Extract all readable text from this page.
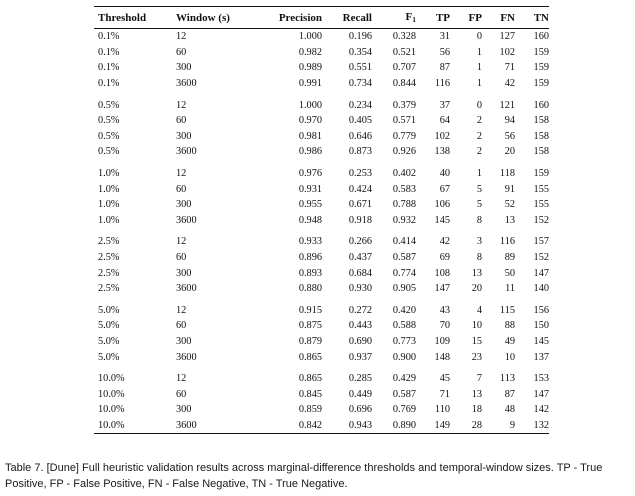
Threshold	Window (s)	Precision	Recall	$F_1$	TP	FP	FN	TN
0.1%	12	1.000	0.196	0.328	31	0	127	160
0.1%	60	0.982	0.354	0.521	56	1	102	159
0.1%	300	0.989	0.551	0.707	87	1	71	159
0.1%	3600	0.991	0.734	0.844	116	1	42	159

0.5%	12	1.000	0.234	0.379	37	0	121	160
0.5%	60	0.970	0.405	0.571	64	2	94	158
0.5%	300	0.981	0.646	0.779	102	2	56	158
0.5%	3600	0.986	0.873	0.926	138	2	20	158

1.0%	12	0.976	0.253	0.402	40	1	118	159
1.0%	60	0.931	0.424	0.583	67	5	91	155
1.0%	300	0.955	0.671	0.788	106	5	52	155
1.0%	3600	0.948	0.918	0.932	145	8	13	152

2.5%	12	0.933	0.266	0.414	42	3	116	157
2.5%	60	0.896	0.437	0.587	69	8	89	152
2.5%	300	0.893	0.684	0.774	108	13	50	147
2.5%	3600	0.880	0.930	0.905	147	20	11	140

5.0%	12	0.915	0.272	0.420	43	4	115	156
5.0%	60	0.875	0.443	0.588	70	10	88	150
5.0%	300	0.879	0.690	0.773	109	15	49	145
5.0%	3600	0.865	0.937	0.900	148	23	10	137

10.0%	12	0.865	0.285	0.429	45	7	113	153
10.0%	60	0.845	0.449	0.587	71	13	87	147
10.0%	300	0.859	0.696	0.769	110	18	48	142
10.0%	3600	0.842	0.943	0.890	149	28	9	132
Table 7. [Dune] Full heuristic validation results across marginal-difference thresholds and temporal-window sizes. TP - True Positive, FP - False Positive, FN - False Negative, TN - True Negative.
